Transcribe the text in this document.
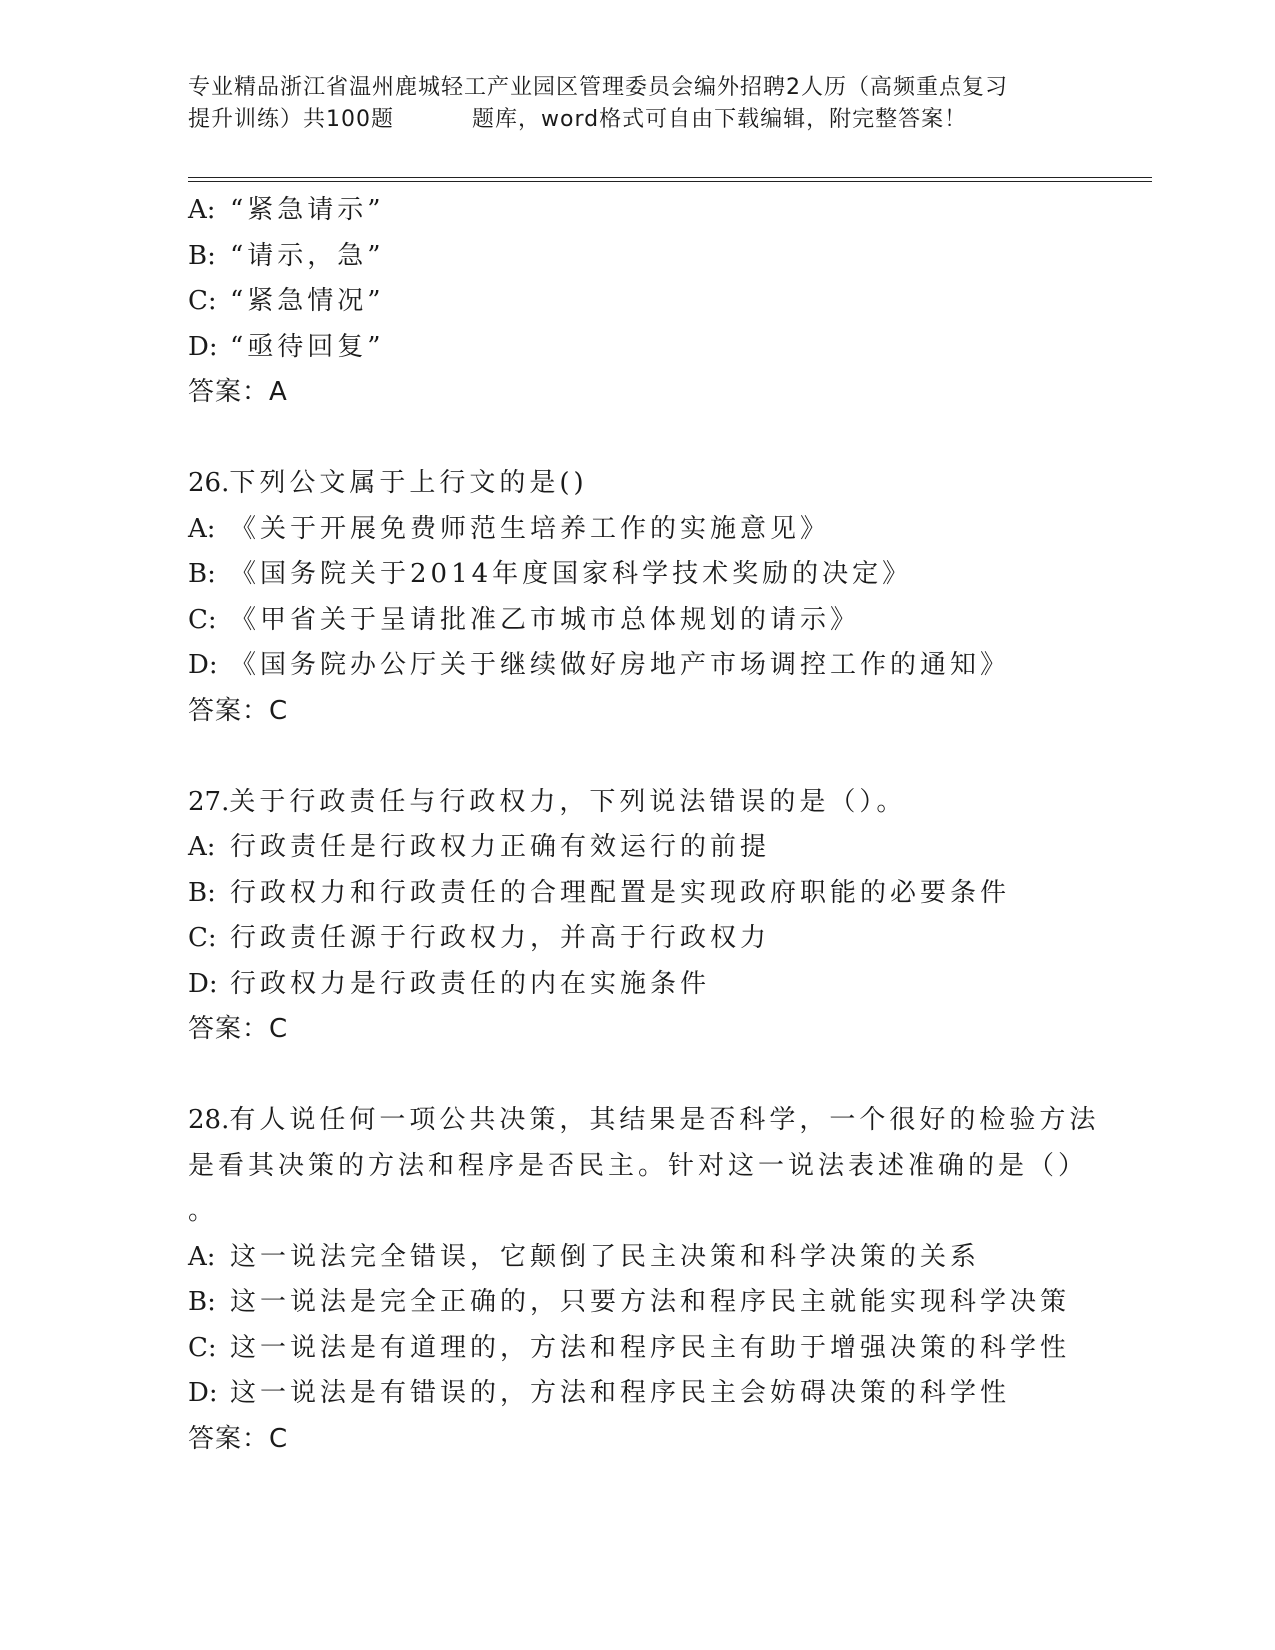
专业精品浙江省温州鹿城轻工产业园区管理委员会编外招聘2人历（高频重点复习
提升训练）共100题	题库，word格式可自由下载编辑，附完整答案！
A: “紧急请示”
B: “请示，急”
C: “紧急情况”
D: “亟待回复”
答案：A
26.下列公文属于上行文的是()
A: 《关于开展免费师范生培养工作的实施意见》
B: 《国务院关于2014年度国家科学技术奖励的决定》
C: 《甲省关于呈请批准乙市城市总体规划的请示》
D: 《国务院办公厅关于继续做好房地产市场调控工作的通知》
答案：C
27.关于行政责任与行政权力，下列说法错误的是（）。
A: 行政责任是行政权力正确有效运行的前提
B: 行政权力和行政责任的合理配置是实现政府职能的必要条件
C: 行政责任源于行政权力，并高于行政权力
D: 行政权力是行政责任的内在实施条件
答案：C
28.有人说任何一项公共决策，其结果是否科学，一个很好的检验方法
是看其决策的方法和程序是否民主。针对这一说法表述准确的是（）
。
A: 这一说法完全错误，它颠倒了民主决策和科学决策的关系
B: 这一说法是完全正确的，只要方法和程序民主就能实现科学决策
C: 这一说法是有道理的，方法和程序民主有助于增强决策的科学性
D: 这一说法是有错误的，方法和程序民主会妨碍决策的科学性
答案：C
